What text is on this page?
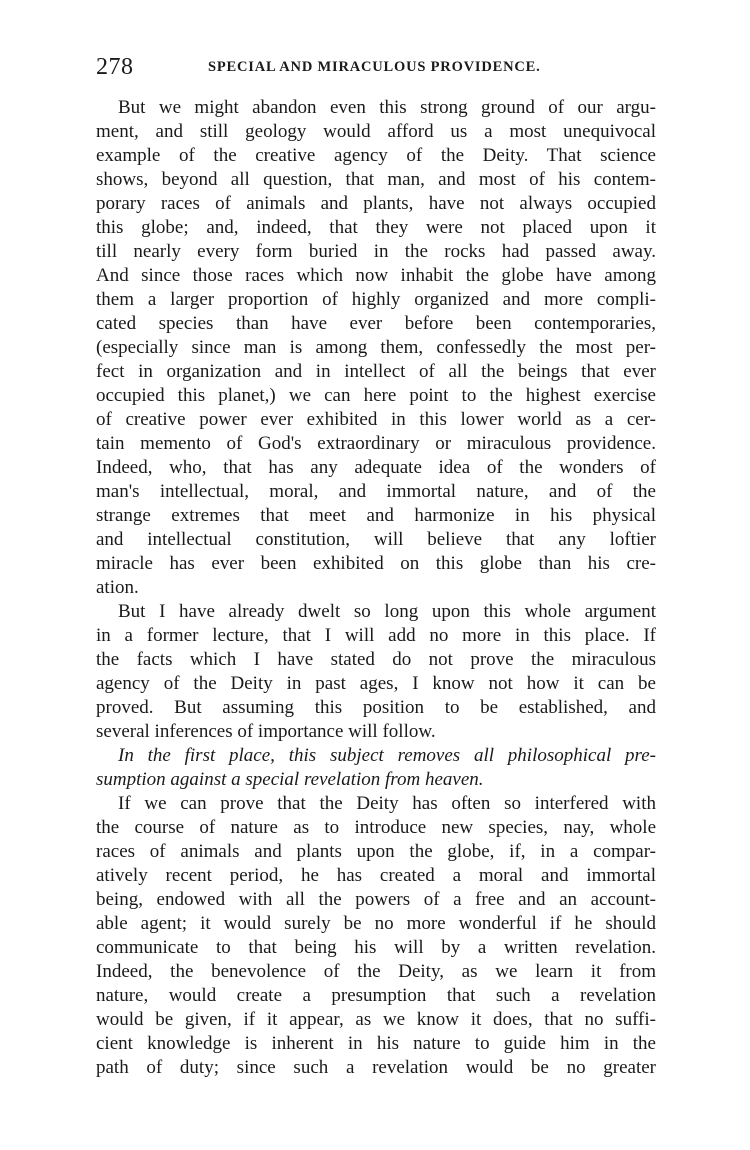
278	SPECIAL AND MIRACULOUS PROVIDENCE.
But we might abandon even this strong ground of our argu-
ment, and still geology would afford us a most unequivocal
example of the creative agency of the Deity. That science
shows, beyond all question, that man, and most of his contem-
porary races of animals and plants, have not always occupied
this globe; and, indeed, that they were not placed upon it
till nearly every form buried in the rocks had passed away.
And since those races which now inhabit the globe have among
them a larger proportion of highly organized and more compli-
cated species than have ever before been contemporaries,
(especially since man is among them, confessedly the most per-
fect in organization and in intellect of all the beings that ever
occupied this planet,) we can here point to the highest exercise
of creative power ever exhibited in this lower world as a cer-
tain memento of God's extraordinary or miraculous providence.
Indeed, who, that has any adequate idea of the wonders of
man's intellectual, moral, and immortal nature, and of the
strange extremes that meet and harmonize in his physical
and intellectual constitution, will believe that any loftier
miracle has ever been exhibited on this globe than his cre-
ation.
But I have already dwelt so long upon this whole argument
in a former lecture, that I will add no more in this place. If
the facts which I have stated do not prove the miraculous
agency of the Deity in past ages, I know not how it can be
proved. But assuming this position to be established, and
several inferences of importance will follow.
In the first place, this subject removes all philosophical pre-
sumption against a special revelation from heaven.
If we can prove that the Deity has often so interfered with
the course of nature as to introduce new species, nay, whole
races of animals and plants upon the globe, if, in a compar-
atively recent period, he has created a moral and immortal
being, endowed with all the powers of a free and an account-
able agent; it would surely be no more wonderful if he should
communicate to that being his will by a written revelation.
Indeed, the benevolence of the Deity, as we learn it from
nature, would create a presumption that such a revelation
would be given, if it appear, as we know it does, that no suffi-
cient knowledge is inherent in his nature to guide him in the
path of duty; since such a revelation would be no greater
